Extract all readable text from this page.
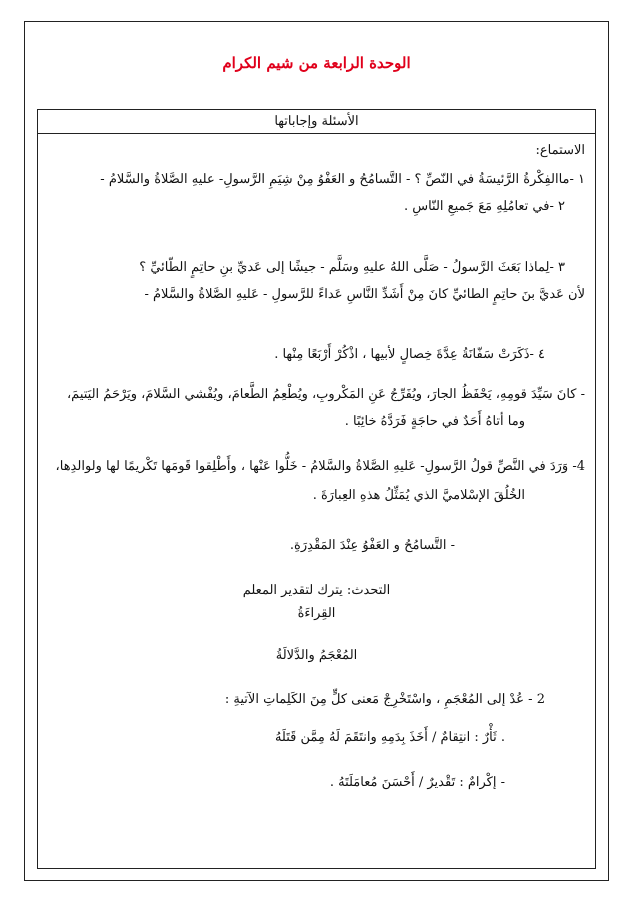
الوحدة الرابعة من شيم الكرام
الأسئلة وإجاباتها
الاستماع:
١ -ماالفِكْرةُ الرَّئيسَةُ في النّصِّ ؟ - التَّسامُحُ و العَفْوُ مِنْ شِيَمِ الرَّسولِ- عليهِ الصَّلاةُ والسَّلامُ -
٢ -في تعامُلِهِ مَعَ جَميعِ النّاسِ .
٣ -لِماذا بَعَثَ الرَّسولُ - صَلَّى اللهُ عليهِ وسَلَّم - جيشًا إلى عَديِّ بنِ حاتِمٍ الطّائيِّ ؟
لأن عَديَّ بنَ حاتِمٍ الطائيِّ كانَ مِنْ أَشَدِّ النَّاسِ عَداءً للرَّسولِ - عَليهِ الصَّلاةُ والسَّلامُ -
٤ -ذَكَرَتْ سَفّانَةُ عِدَّةَ خِصالٍ لأبيها ، اذْكُرْ أَرْبَعًا مِنْها .
- كانَ سَيِّدَ قومِهِ، يَحْفَظُ الجارَ، ويُفَرِّجُ عَنِ المَكْروبِ، ويُطْعِمُ الطَّعامَ، ويُفْشي السَّلامَ، ويَرْحَمُ اليَتيمَ،
وما أتاهُ أَحَدٌ في حاجَةٍ فَرَدَّهُ خائِبًا .
4- وَرَدَ في النَّصِّ قولُ الرَّسولِ- عَليهِ الصَّلاةُ والسَّلامُ - خَلُّوا عَنْها ، وأَطْلِقوا قَومَها تَكْريمًا لها ولوالدِها،
الخُلُقَ الإسْلاميَّ الذي يُمَثِّلُ هذهِ العِبارَةَ .
- التَّسامُحُ و العَفْوُ عِنْدَ المَقْدِرَةِ.
التحدث: يترك لتقدير المعلم
القِراءَةُ
المُعْجَمُ والدَّلالَةُ
2 - عُدْ إلى المُعْجَمِ ، واسْتَخْرِجْ مَعنى كلٍّ مِنَ الكَلِماتِ الآتيةِ :
. ثَأْرٌ : انتِقامٌ / أَخَذَ بِدَمِهِ وانتَقَمَ لَهُ مِمَّن قَتَلَهُ
- إكْرامٌ : تَقْديرٌ / أَحْسَنَ مُعامَلَتَهُ .
